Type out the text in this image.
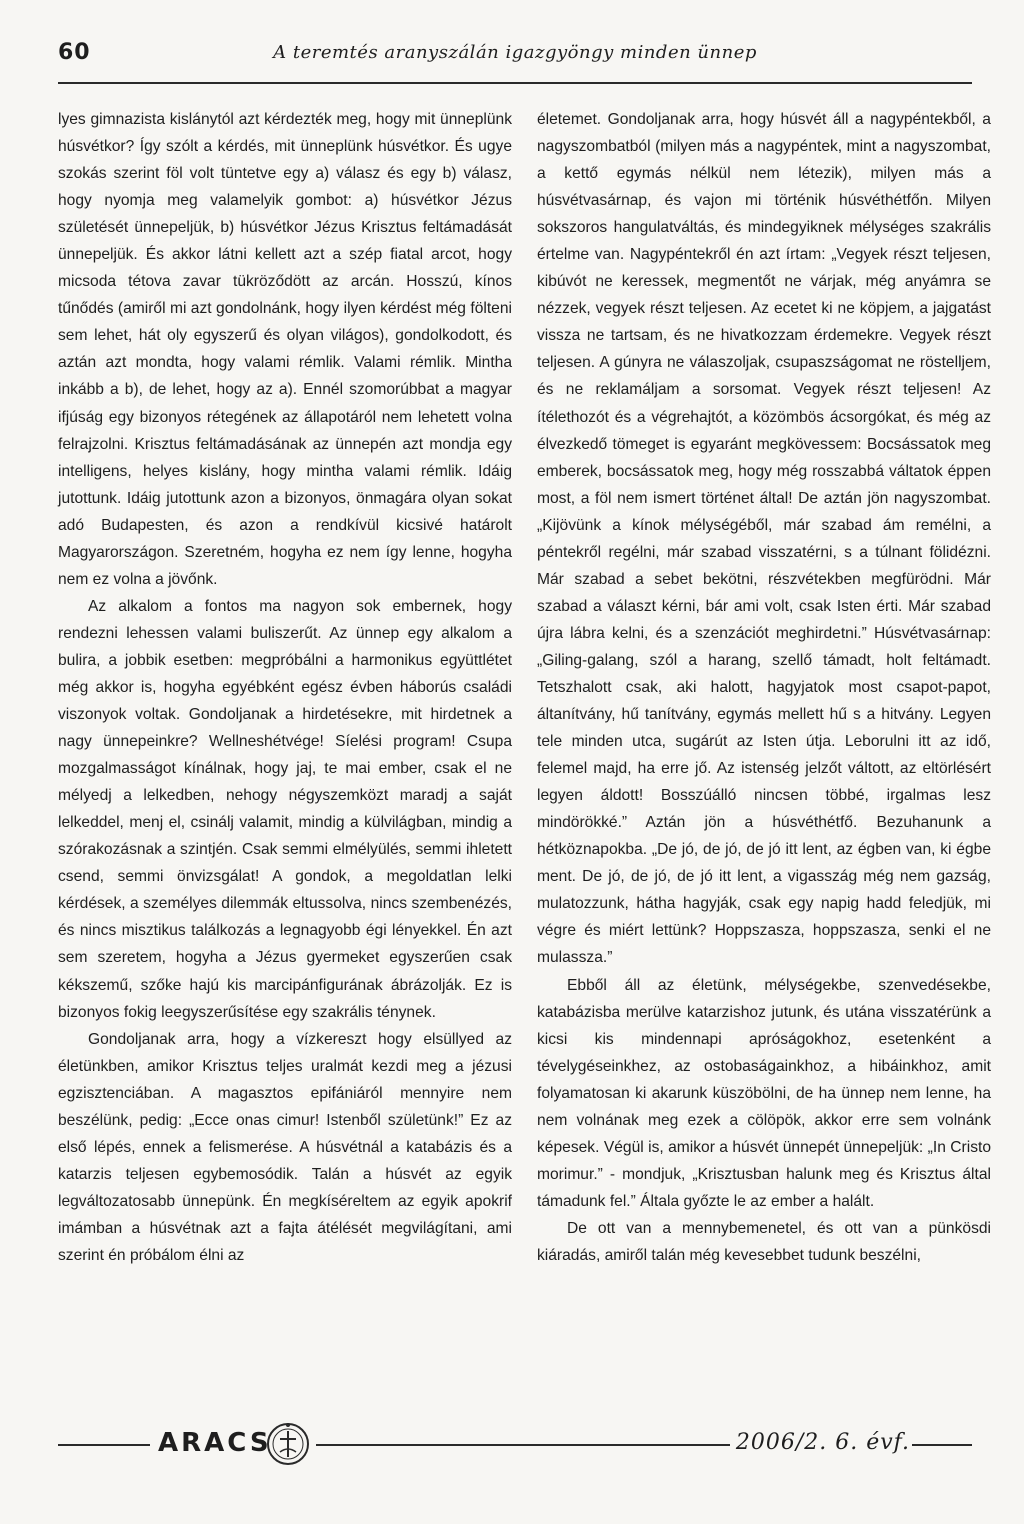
60	A teremtés aranyszálán igazgyöngy minden ünnep

lyes gimnazista kislánytól azt kérdezték meg, hogy mit ünneplünk húsvétkor? Így szólt a kérdés, mit ünneplünk húsvétkor. És ugye szokás szerint föl volt tüntetve egy a) válasz és egy b) válasz, hogy nyomja meg valamelyik gombot: a) húsvétkor Jézus születését ünnepeljük, b) húsvétkor Jézus Krisztus feltámadását ünnepeljük. És akkor látni kellett azt a szép fiatal arcot, hogy micsoda tétova zavar tükröződött az arcán. Hosszú, kínos tűnődés (amiről mi azt gondolnánk, hogy ilyen kérdést még fölteni sem lehet, hát oly egyszerű és olyan világos), gondolkodott, és aztán azt mondta, hogy valami rémlik. Valami rémlik. Mintha inkább a b), de lehet, hogy az a). Ennél szomorúbbat a magyar ifjúság egy bizonyos rétegének az állapotáról nem lehetett volna felrajzolni. Krisztus feltámadásának az ünnepén azt mondja egy intelligens, helyes kislány, hogy mintha valami rémlik. Idáig jutottunk. Idáig jutottunk azon a bizonyos, önmagára olyan sokat adó Budapesten, és azon a rendkívül kicsivé határolt Magyarországon. Szeretném, hogyha ez nem így lenne, hogyha nem ez volna a jövőnk.

Az alkalom a fontos ma nagyon sok embernek, hogy rendezni lehessen valami buliszerűt. Az ünnep egy alkalom a bulira, a jobbik esetben: megpróbálni a harmonikus együttlétet még akkor is, hogyha egyébként egész évben háborús családi viszonyok voltak. Gondoljanak a hirdetésekre, mit hirdetnek a nagy ünnepeinkre? Wellneshétvége! Síelési program! Csupa mozgalmasságot kínálnak, hogy jaj, te mai ember, csak el ne mélyedj a lelkedben, nehogy négyszemközt maradj a saját lelkeddel, menj el, csinálj valamit, mindig a külvilágban, mindig a szórakozásnak a szintjén. Csak semmi elmélyülés, semmi ihletett csend, semmi önvizsgálat! A gondok, a megoldatlan lelki kérdések, a személyes dilemmák eltussolva, nincs szembenézés, és nincs misztikus találkozás a legnagyobb égi lényekkel. Én azt sem szeretem, hogyha a Jézus gyermeket egyszerűen csak kékszemű, szőke hajú kis marcipánfigurának ábrázolják. Ez is bizonyos fokig leegyszerűsítése egy szakrális ténynek.

Gondoljanak arra, hogy a vízkereszt hogy elsüllyed az életünkben, amikor Krisztus teljes uralmát kezdi meg a jézusi egzisztenciában. A magasztos epifániáról mennyire nem beszélünk, pedig: „Ecce onas cimur! Istenből születünk!” Ez az első lépés, ennek a felismerése. A húsvétnál a katabázis és a katarzis teljesen egybemosódik. Talán a húsvét az egyik legváltozatosabb ünnepünk. Én megkíséreltem az egyik apokrif imámban a húsvétnak azt a fajta átélését megvilágítani, ami szerint én próbálom élni az

életemet. Gondoljanak arra, hogy húsvét áll a nagypéntekből, a nagyszombatból (milyen más a nagypéntek, mint a nagyszombat, a kettő egymás nélkül nem létezik), milyen más a húsvétvasárnap, és vajon mi történik húsvéthétfőn. Milyen sokszoros hangulatváltás, és mindegyiknek mélységes szakrális értelme van. Nagypéntekről én azt írtam: „Vegyek részt teljesen, kibúvót ne keressek, megmentőt ne várjak, még anyámra se nézzek, vegyek részt teljesen. Az ecetet ki ne köpjem, a jajgatást vissza ne tartsam, és ne hivatkozzam érdemekre. Vegyek részt teljesen. A gúnyra ne válaszoljak, csupaszságomat ne röstelljem, és ne reklamáljam a sorsomat. Vegyek részt teljesen! Az ítélethozót és a végrehajtót, a közömbös ácsorgókat, és még az élvezkedő tömeget is egyaránt megkövessem: Bocsássatok meg emberek, bocsássatok meg, hogy még rosszabbá váltatok éppen most, a föl nem ismert történet által! De aztán jön nagyszombat. „Kijövünk a kínok mélységéből, már szabad ám remélni, a péntekről regélni, már szabad visszatérni, s a túlnant fölidézni. Már szabad a sebet bekötni, részvétekben megfürödni. Már szabad a választ kérni, bár ami volt, csak Isten érti. Már szabad újra lábra kelni, és a szenzációt meghirdetni.” Húsvétvasárnap: „Giling-galang, szól a harang, szellő támadt, holt feltámadt. Tetszhalott csak, aki halott, hagyjatok most csapot-papot, áltanítvány, hű tanítvány, egymás mellett hű s a hitvány. Legyen tele minden utca, sugárút az Isten útja. Leborulni itt az idő, felemel majd, ha erre jő. Az istenség jelzőt váltott, az eltörlésért legyen áldott! Bosszúálló nincsen többé, irgalmas lesz mindörökké.” Aztán jön a húsvéthétfő. Bezuhanunk a hétköznapokba. „De jó, de jó, de jó itt lent, az égben van, ki égbe ment. De jó, de jó, de jó itt lent, a vigasszág még nem gazság, mulatozzunk, hátha hagyják, csak egy napig hadd feledjük, mi végre és miért lettünk? Hoppszasza, hoppszasza, senki el ne mulassza.”

Ebből áll az életünk, mélységekbe, szenvedésekbe, katabázisba merülve katarzishoz jutunk, és utána visszatérünk a kicsi kis mindennapi apróságokhoz, esetenként a tévelygéseinkhez, az ostobaságainkhoz, a hibáinkhoz, amit folyamatosan ki akarunk küszöbölni, de ha ünnep nem lenne, ha nem volnának meg ezek a cölöpök, akkor erre sem volnánk képesek. Végül is, amikor a húsvét ünnepét ünnepeljük: „In Cristo morimur.” - mondjuk, „Krisztusban halunk meg és Krisztus által támadunk fel.” Általa győzte le az ember a halált.

De ott van a mennybemenetel, és ott van a pünkösdi kiáradás, amiről talán még kevesebbet tudunk beszélni,

ARACS	2006/2. 6. évf.
